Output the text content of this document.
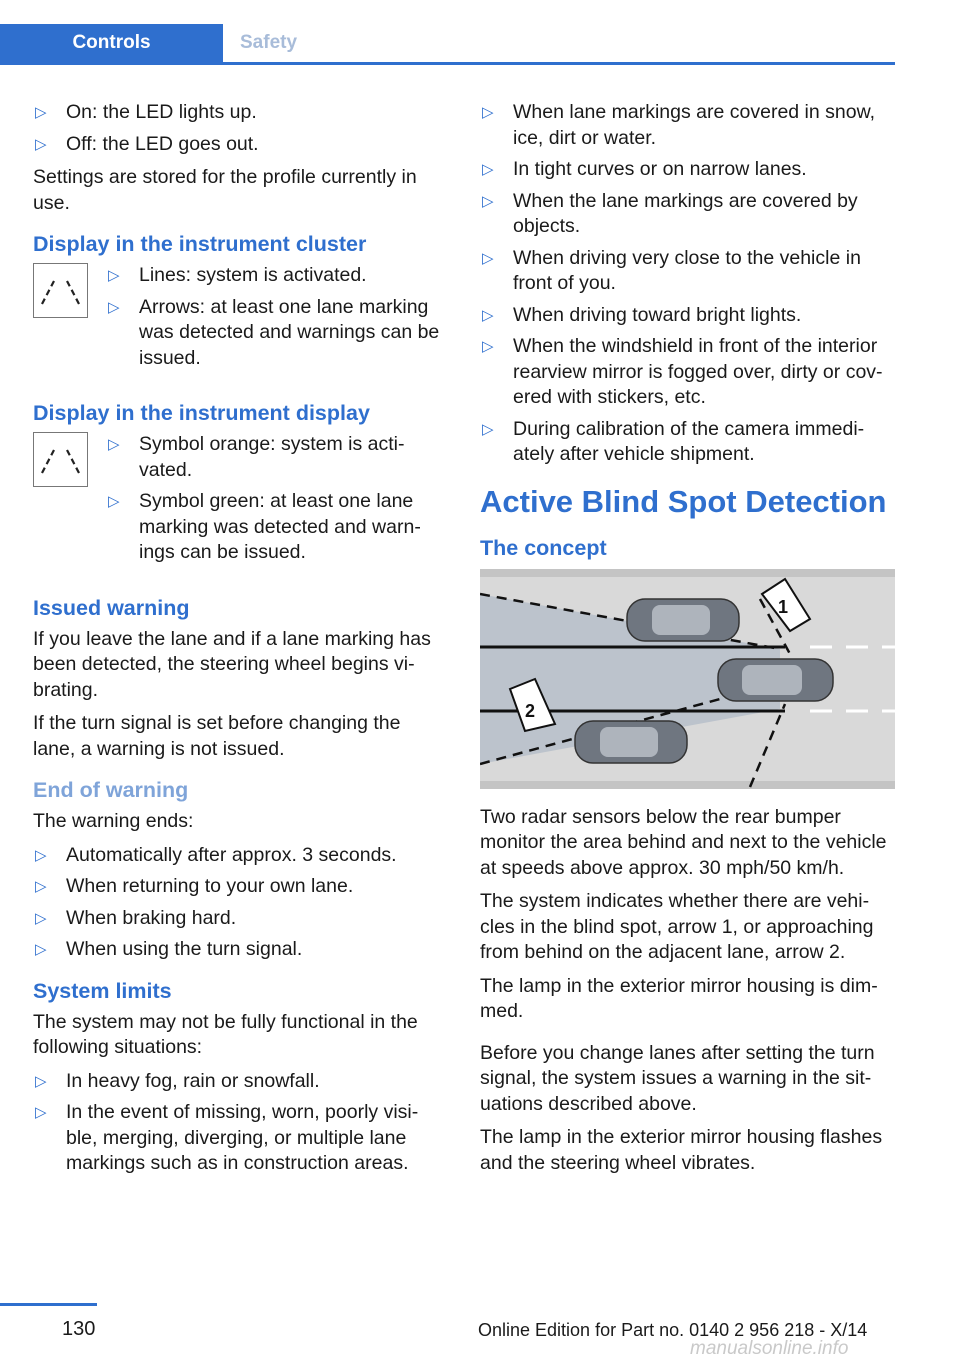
Controls	Safety
▷ On: the LED lights up.
▷ Off: the LED goes out.

Settings are stored for the profile currently in use.

Display in the instrument cluster
▷ Lines: system is activated.
▷ Arrows: at least one lane marking was detected and warnings can be issued.
Display in the instrument display
▷ Symbol orange: system is acti‐vated.
▷ Symbol green: at least one lane marking was detected and warn‐ings can be issued.
Issued warning

If you leave the lane and if a lane marking has been detected, the steering wheel begins vi‐brating.

If the turn signal is set before changing the lane, a warning is not issued.

End of warning

The warning ends:

▷ Automatically after approx. 3 seconds.
▷ When returning to your own lane.
▷ When braking hard.
▷ When using the turn signal.
System limits

The system may not be fully functional in the following situations:

▷ In heavy fog, rain or snowfall.
▷ In the event of missing, worn, poorly visi‐ble, merging, diverging, or multiple lane markings such as in construction areas.
▷ When lane markings are covered in snow, ice, dirt or water.
▷ In tight curves or on narrow lanes.
▷ When the lane markings are covered by objects.
▷ When driving very close to the vehicle in front of you.
▷ When driving toward bright lights.
▷ When the windshield in front of the interior rearview mirror is fogged over, dirty or cov‐ered with stickers, etc.
▷ During calibration of the camera immedi‐ately after vehicle shipment.
Active Blind Spot Detection
The concept
1
2

Two radar sensors below the rear bumper monitor the area behind and next to the vehicle at speeds above approx. 30 mph/50 km/h.

The system indicates whether there are vehi‐cles in the blind spot, arrow 1, or approaching from behind on the adjacent lane, arrow 2.

The lamp in the exterior mirror housing is dim‐med.

Before you change lanes after setting the turn signal, the system issues a warning in the sit‐uations described above.

The lamp in the exterior mirror housing flashes and the steering wheel vibrates.

130	Online Edition for Part no. 0140 2 956 218 - X/14
manualsonline.info
